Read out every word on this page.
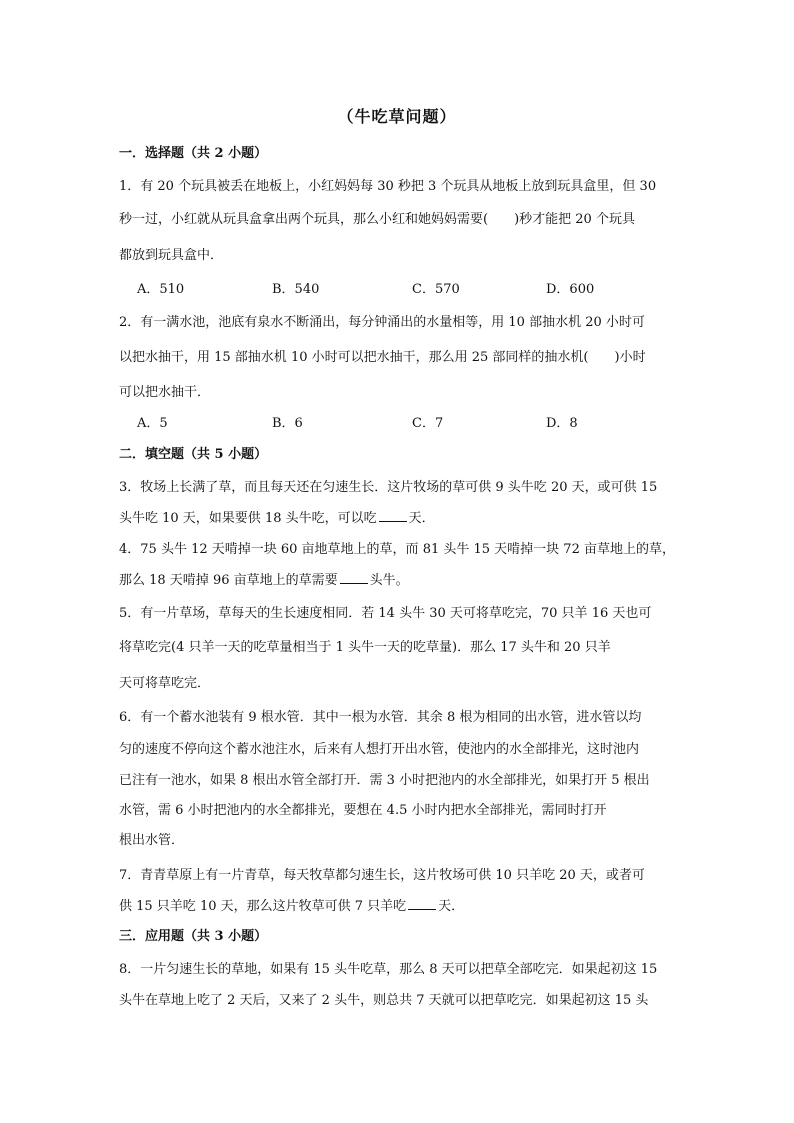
（牛吃草问题）
一．选择题（共 2 小题）
1．有 20 个玩具被丢在地板上，小红妈妈每 30 秒把 3 个玩具从地板上放到玩具盒里，但 30
秒一过，小红就从玩具盒拿出两个玩具，那么小红和她妈妈需要(　　)秒才能把 20 个玩具
都放到玩具盒中．
A．510	B．540	C．570	D．600
2．有一满水池，池底有泉水不断涌出，每分钟涌出的水量相等，用 10 部抽水机 20 小时可
以把水抽干，用 15 部抽水机 10 小时可以把水抽干，那么用 25 部同样的抽水机(　　)小时
可以把水抽干．
A．5	B．6	C．7	D．8
二．填空题（共 5 小题）
3．牧场上长满了草，而且每天还在匀速生长．这片牧场的草可供 9 头牛吃 20 天，或可供 15
头牛吃 10 天，如果要供 18 头牛吃，可以吃 天．
4．75 头牛 12 天啃掉一块 60 亩地草地上的草，而 81 头牛 15 天啃掉一块 72 亩草地上的草，
那么 18 天啃掉 96 亩草地上的草需要 头牛。
5．有一片草场，草每天的生长速度相同．若 14 头牛 30 天可将草吃完，70 只羊 16 天也可
将草吃完(4 只羊一天的吃草量相当于 1 头牛一天的吃草量)．那么 17 头牛和 20 只羊
天可将草吃完．
6．有一个蓄水池装有 9 根水管．其中一根为水管．其余 8 根为相同的出水管，进水管以均
匀的速度不停向这个蓄水池注水，后来有人想打开出水管，使池内的水全部排光，这时池内
已注有一池水，如果 8 根出水管全部打开．需 3 小时把池内的水全部排光，如果打开 5 根出
水管，需 6 小时把池内的水全都排光，要想在 4.5 小时内把水全部排光，需同时打开
根出水管．
7．青青草原上有一片青草，每天牧草都匀速生长，这片牧场可供 10 只羊吃 20 天，或者可
供 15 只羊吃 10 天，那么这片牧草可供 7 只羊吃 天．
三．应用题（共 3 小题）
8．一片匀速生长的草地，如果有 15 头牛吃草，那么 8 天可以把草全部吃完．如果起初这 15
头牛在草地上吃了 2 天后，又来了 2 头牛，则总共 7 天就可以把草吃完．如果起初这 15 头
